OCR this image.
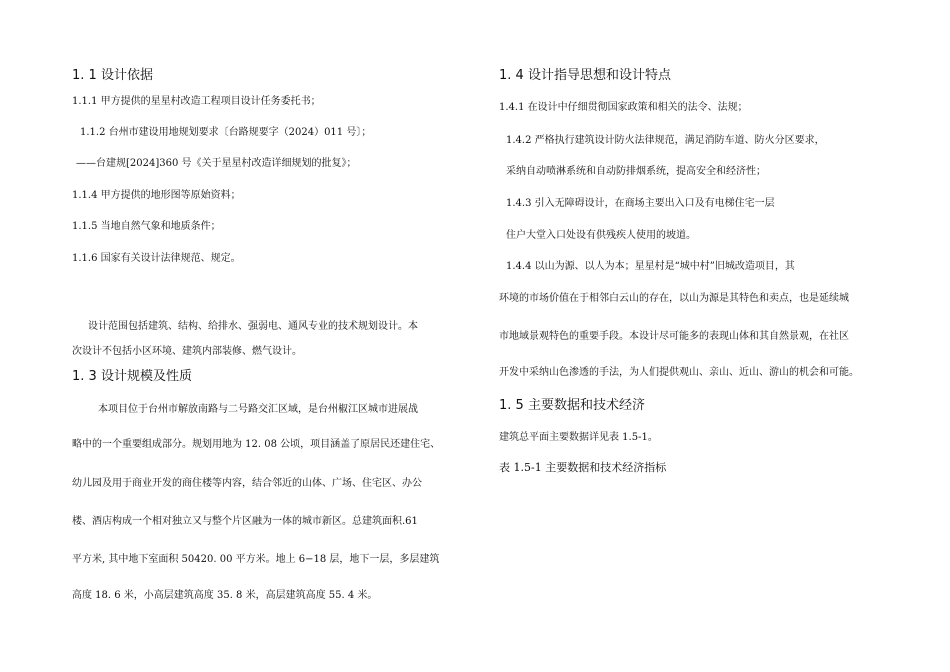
1. 1 设计依据
1.1.1 甲方提供的星星村改造工程项目设计任务委托书；
1.1.2 台州市建设用地规划要求〔台路规要字（2024）011 号〕；
——台建规[2024]360 号《关于星星村改造详细规划的批复》；
1.1.4 甲方提供的地形图等原始资料；
1.1.5 当地自然气象和地质条件；
1.1.6 国家有关设计法律规范、规定。
设计范围包括建筑、结构、给排水、强弱电、通风专业的技术规划设计。本
次设计不包括小区环境、建筑内部装修、燃气设计。
1. 3 设计规模及性质
本项目位于台州市解放南路与二号路交汇区域，是台州椒江区城市进展战
略中的一个重要组成部分。规划用地为 12. 08 公顷，项目涵盖了原居民还建住宅、
幼儿园及用于商业开发的商住楼等内容，结合邻近的山体、广场、住宅区、办公
楼、酒店构成一个相对独立又与整个片区融为一体的城市新区。总建筑面积.61
平方米, 其中地下室面积 50420. 00 平方米。地上 6−18 层，地下一层，多层建筑
高度 18. 6 米，小高层建筑高度 35. 8 米，高层建筑高度 55. 4 米。
1. 4 设计指导思想和设计特点
1.4.1 在设计中仔细贯彻国家政策和相关的法令、法规；
1.4.2 严格执行建筑设计防火法律规范，满足消防车道、防火分区要求，
采纳自动喷淋系统和自动防排烟系统，提高安全和经济性；
1.4.3 引入无障碍设计，在商场主要出入口及有电梯住宅一层
住户大堂入口处设有供残疾人使用的坡道。
1.4.4 以山为源、以人为本；星星村是“城中村”旧城改造项目，其
环境的市场价值在于相邻白云山的存在，以山为源是其特色和卖点，也是延续城
市地域景观特色的重要手段。本设计尽可能多的表现山体和其自然景观，在社区
开发中采纳山色渗透的手法，为人们提供观山、亲山、近山、游山的机会和可能。
1. 5 主要数据和技术经济
建筑总平面主要数据详见表 1.5-1。
表 1.5-1 主要数据和技术经济指标
